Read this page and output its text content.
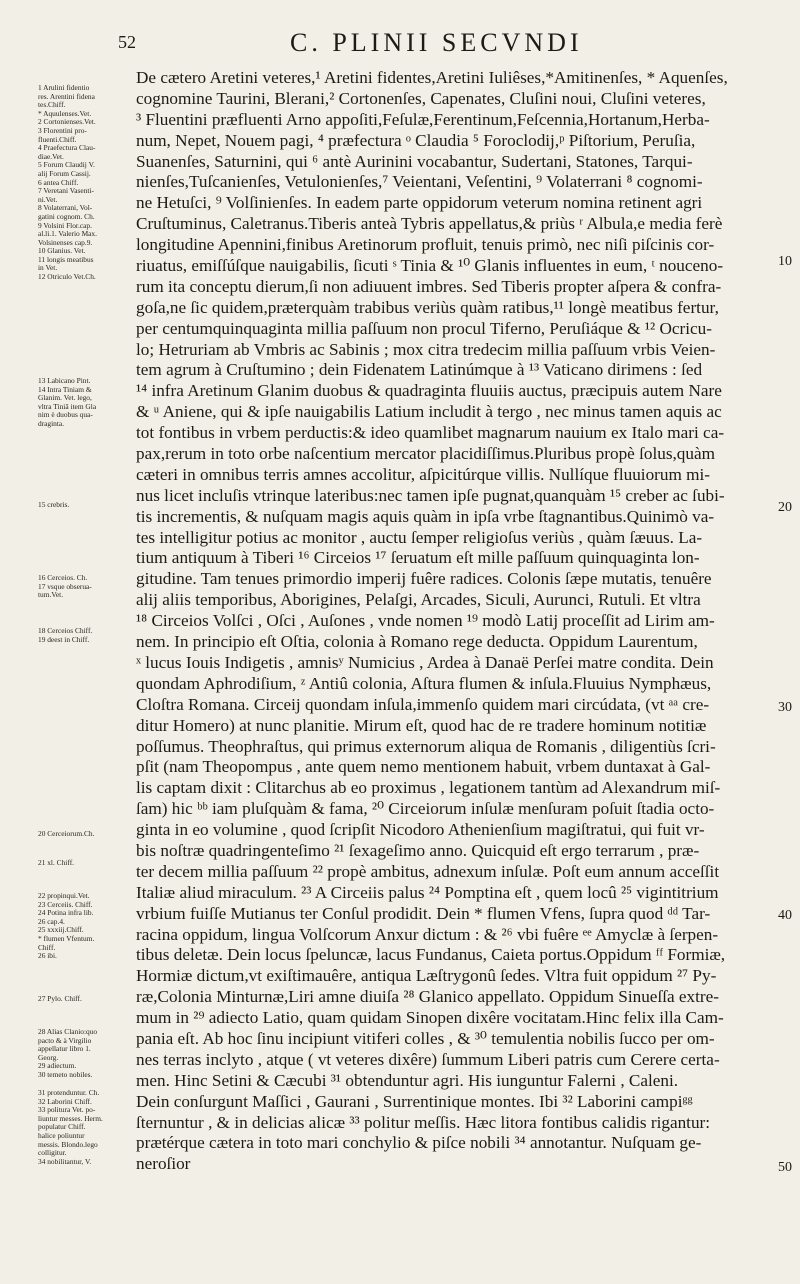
52	C. PLINII SECVNDI
1 Arulini fidentio
res. Arentini fidena
tes.Chiff.
* Aquulenses.Vet.
2 Cortonienses.Vet.
3 Florentini pro-
fluenti.Chiff.
4 Praefectura Clau-
diae.Vet.
5 Forum Claudij V.
alij Forum Cassij.
6 antea Chiff.
7 Veretani Vasenti-
ni.Vet.
8 Volaterrani, Vol-
gatini cognom. Ch.
9 Volsini Flor.cap.
al.li.1. Valerio Max.
Volsinenses cap.9.
10 Glanius. Vet.
11 longis meatibus
in Vet.
12 Otriculo Vet.Ch.
13 Labicano Pint.
14 Intra Tiniam &
Glanim. Vet. lego,
vltra Tiniâ item Gla
nim è duobus qua-
draginta.
15 crebris.
16 Cerceios. Ch.
17 vsque obserua-
tum.Vet.
18 Cerceios Chiff.
19 deest in Chiff.
20 Cerceiorum.Ch.
21 xl. Chiff.
22 propinqui.Vet.
23 Cerceiis. Chiff.
24 Potina infra lib.
26 cap.4.
25 xxxiij.Chiff.
* flumen Vfentum.
Chiff.
26 ibi.
27 Pylo. Chiff.
28 Alias Clanio:quo
pacto & à Virgilio
appellatur libro 1.
Georg.
29 adiectum.
30 temeto nobiles.
31 protenduntur. Ch.
32 Laborini Chiff.
33 politura Vet. po-
liuntur messes. Herm.
populatur Chiff.
halice poliuntur
messis. Blondo.lego
colligitur.
34 nobilitantur, V.
De cætero Aretini veteres,¹ Aretini fidentes,Aretini Iuliêses,*Amitinenſes, * Aquenſes,
cognomine Taurini, Blerani,² Cortonenſes, Capenates, Cluſini noui, Cluſini veteres,
³ Fluentini præfluenti Arno appoſiti,Feſulæ,Ferentinum,Feſcennia,Hortanum,Herba-
num, Nepet, Nouem pagi, ⁴ præfectura ᵒ Claudia ⁵ Foroclodij,ᵖ Piſtorium, Peruſia,
Suanenſes, Saturnini, qui ⁶ antè Aurinini vocabantur, Sudertani, Statones, Tarqui-
nienſes,Tuſcanienſes, Vetulonienſes,⁷ Veientani, Veſentini, ⁹ Volaterrani ⁸ cognomi-
ne Hetuſci, ⁹ Volſinienſes. In eadem parte oppidorum veterum nomina retinent agri
Cruſtuminus, Caletranus.Tiberis anteà Tybris appellatus,& priùs ʳ Albula,e media ferè
longitudine Apennini,finibus Aretinorum profluit, tenuis primò, nec niſi piſcinis cor-
riuatus, emiſſúſque nauigabilis, ſicuti ˢ Tinia & ¹⁰ Glanis influentes in eum, ᵗ nouceno-
rum ita conceptu dierum,ſi non adiuuent imbres. Sed Tiberis propter aſpera & confra-
goſa,ne ſic quidem,præterquàm trabibus veriùs quàm ratibus,¹¹ longè meatibus fertur,
per centumquinquaginta millia paſſuum non procul Tiferno, Peruſiáque & ¹² Ocricu-
lo; Hetruriam ab Vmbris ac Sabinis ; mox citra tredecim millia paſſuum vrbis Veien-
tem agrum à Cruſtumino ; dein Fidenatem Latinúmque à ¹³ Vaticano dirimens : ſed
¹⁴ infra Aretinum Glanim duobus & quadraginta fluuiis auctus, præcipuis autem Nare
& ᵘ Aniene, qui & ipſe nauigabilis Latium includit à tergo , nec minus tamen aquis ac
tot fontibus in vrbem perductis:& ideo quamlibet magnarum nauium ex Italo mari ca-
pax,rerum in toto orbe naſcentium mercator placidiſſimus.Pluribus propè ſolus,quàm
cæteri in omnibus terris amnes accolitur, aſpicitúrque villis. Nullíque fluuiorum mi-
nus licet incluſis vtrinque lateribus:nec tamen ipſe pugnat,quanquàm ¹⁵ creber ac ſubi-
tis incrementis, & nuſquam magis aquis quàm in ipſa vrbe ſtagnantibus.Quinimò va-
tes intelligitur potius ac monitor , auctu ſemper religioſus veriùs , quàm ſæuus. La-
tium antiquum à Tiberi ¹⁶ Circeios ¹⁷ ſeruatum eſt mille paſſuum quinquaginta lon-
gitudine. Tam tenues primordio imperij fuêre radices. Colonis ſæpe mutatis, tenuêre
alij aliis temporibus, Aborigines, Pelaſgi, Arcades, Siculi, Aurunci, Rutuli. Et vltra
¹⁸ Circeios Volſci , Oſci , Auſones , vnde nomen ¹⁹ modò Latij proceſſit ad Lirim am-
nem. In principio eſt Oſtia, colonia à Romano rege deducta. Oppidum Laurentum,
ˣ lucus Iouis Indigetis , amnisʸ Numicius , Ardea à Danaë Perſei matre condita. Dein
quondam Aphrodiſium, ᶻ Antiû colonia, Aſtura flumen & inſula.Fluuius Nymphæus,
Cloſtra Romana. Circeij quondam inſula,immenſo quidem mari circúdata, (vt ᵃᵃ cre-
ditur Homero) at nunc planitie. Mirum eſt, quod hac de re tradere hominum notitiæ
poſſumus. Theophraſtus, qui primus externorum aliqua de Romanis , diligentiùs ſcri-
pſit (nam Theopompus , ante quem nemo mentionem habuit, vrbem duntaxat à Gal-
lis captam dixit : Clitarchus ab eo proximus , legationem tantùm ad Alexandrum miſ-
ſam) hic ᵇᵇ iam pluſquàm & fama, ²⁰ Circeiorum inſulæ menſuram poſuit ſtadia octo-
ginta in eo volumine , quod ſcripſit Nicodoro Athenienſium magiſtratui, qui fuit vr-
bis noſtræ quadringenteſimo ²¹ ſexageſimo anno. Quicquid eſt ergo terrarum , præ-
ter decem millia paſſuum ²² propè ambitus, adnexum inſulæ. Poſt eum annum acceſſit
Italiæ aliud miraculum. ²³ A Circeiis palus ²⁴ Pomptina eſt , quem locû ²⁵ vigintitrium
vrbium fuiſſe Mutianus ter Conſul prodidit. Dein * flumen Vfens, ſupra quod ᵈᵈ Tar-
racina oppidum, lingua Volſcorum Anxur dictum : & ²⁶ vbi fuêre ᵉᵉ Amyclæ à ſerpen-
tibus deletæ. Dein locus ſpeluncæ, lacus Fundanus, Caieta portus.Oppidum ᶠᶠ Formiæ,
Hormiæ dictum,vt exiſtimauêre, antiqua Læſtrygonû ſedes. Vltra fuit oppidum ²⁷ Py-
ræ,Colonia Minturnæ,Liri amne diuiſa ²⁸ Glanico appellato. Oppidum Sinueſſa extre-
mum in ²⁹ adiecto Latio, quam quidam Sinopen dixêre vocitatam.Hinc felix illa Cam-
pania eſt. Ab hoc ſinu incipiunt vitiferi colles , & ³⁰ temulentia nobilis ſucco per om-
nes terras inclyto , atque ( vt veteres dixêre) ſummum Liberi patris cum Cerere certa-
men. Hinc Setini & Cæcubi ³¹ obtenduntur agri. His iunguntur Falerni , Caleni.
Dein conſurgunt Maſſici , Gaurani , Surrentinique montes. Ibi ³² Laborini campiᵍᵍ
ſternuntur , & in delicias alicæ ³³ politur meſſis. Hæc litora fontibus calidis rigantur:
prætérque cætera in toto mari conchylio & piſce nobili ³⁴ annotantur. Nuſquam ge-
neroſior
10
20
30
40
50
